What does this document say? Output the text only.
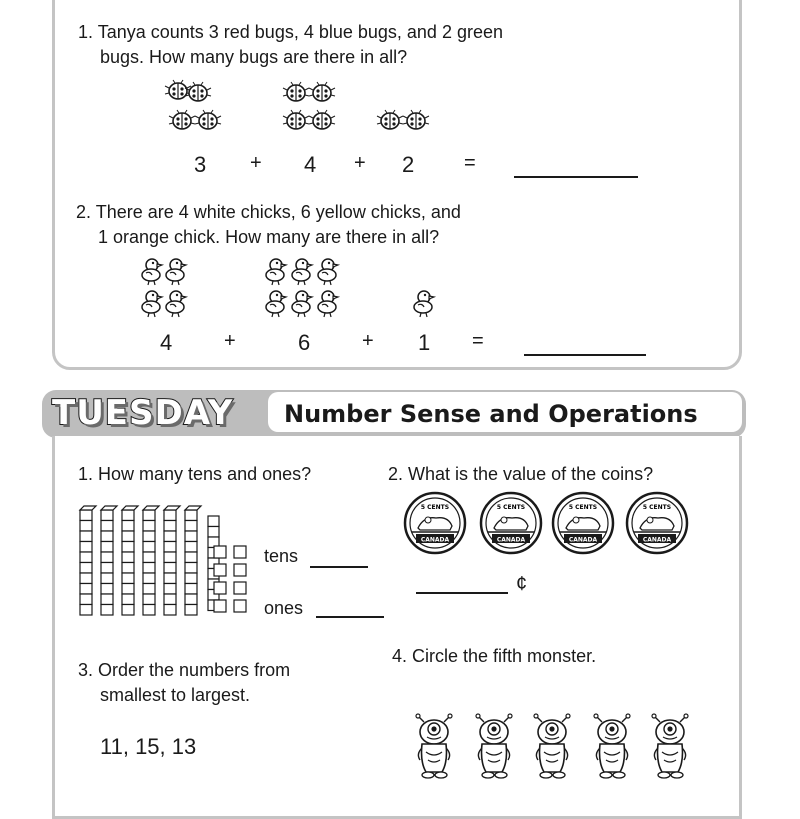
1. Tanya counts 3 red bugs, 4 blue bugs, and 2 green
bugs. How many bugs are there in all?
3 + 4 + 2 =
2. There are 4 white chicks, 6 yellow chicks, and
1 orange chick. How many are there in all?
4	+	6	+ 1 =
TUESDAY Number Sense and Operations
1. How many tens and ones?
tens
ones
2. What is the value of the coins?
5 CENTS
CANADA
5 CENTS
CANADA
5 CENTS
CANADA
5 CENTS
CANADA
¢
3. Order the numbers from
smallest to largest.
11, 15, 13
4. Circle the fifth monster.
